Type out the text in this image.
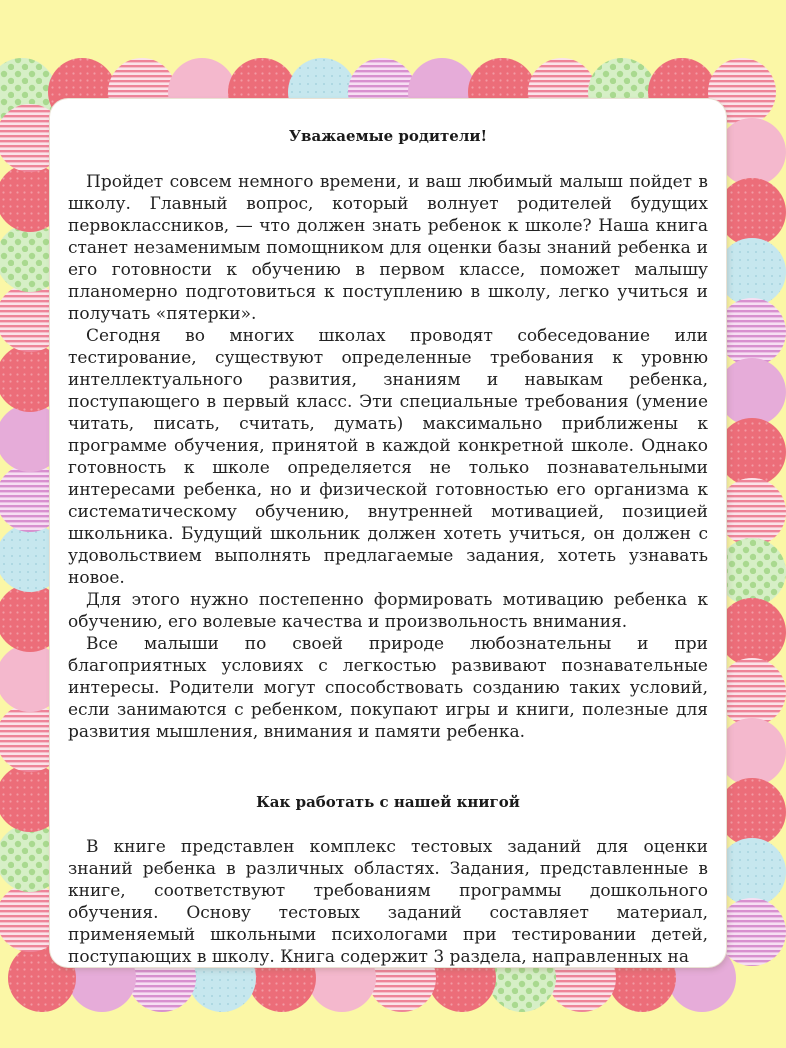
Уважаемые родители!

Пройдет совсем немного времени, и ваш любимый малыш пойдет в школу. Главный вопрос, который волнует родителей будущих первоклассников, — что должен знать ребенок к школе? Наша книга станет незаменимым помощником для оценки базы знаний ребенка и его готовности к обучению в первом классе, поможет малышу планомерно подготовиться к поступлению в школу, легко учиться и получать «пятерки».

Сегодня во многих школах проводят собеседование или тестирование, существуют определенные требования к уровню интеллектуального развития, знаниям и навыкам ребенка, поступающего в первый класс. Эти специальные требования (умение читать, писать, считать, думать) максимально приближены к программе обучения, принятой в каждой конкретной школе. Однако готовность к школе определяется не только познавательными интересами ребенка, но и физической готовностью его организма к систематическому обучению, внутренней мотивацией, позицией школьника. Будущий школьник должен хотеть учиться, он должен с удовольствием выполнять предлагаемые задания, хотеть узнавать новое.

Для этого нужно постепенно формировать мотивацию ребенка к обучению, его волевые качества и произвольность внимания.

Все малыши по своей природе любознательны и при благоприятных условиях с легкостью развивают познавательные интересы. Родители могут способствовать созданию таких условий, если занимаются с ребенком, покупают игры и книги, полезные для развития мышления, внимания и памяти ребенка.

Как работать с нашей книгой

В книге представлен комплекс тестовых заданий для оценки знаний ребенка в различных областях. Задания, представленные в книге, соответствуют требованиям программы дошкольного обучения. Основу тестовых заданий составляет материал, применяемый школьными психологами при тестировании детей, поступающих в школу. Книга содержит 3 раздела, направленных на
